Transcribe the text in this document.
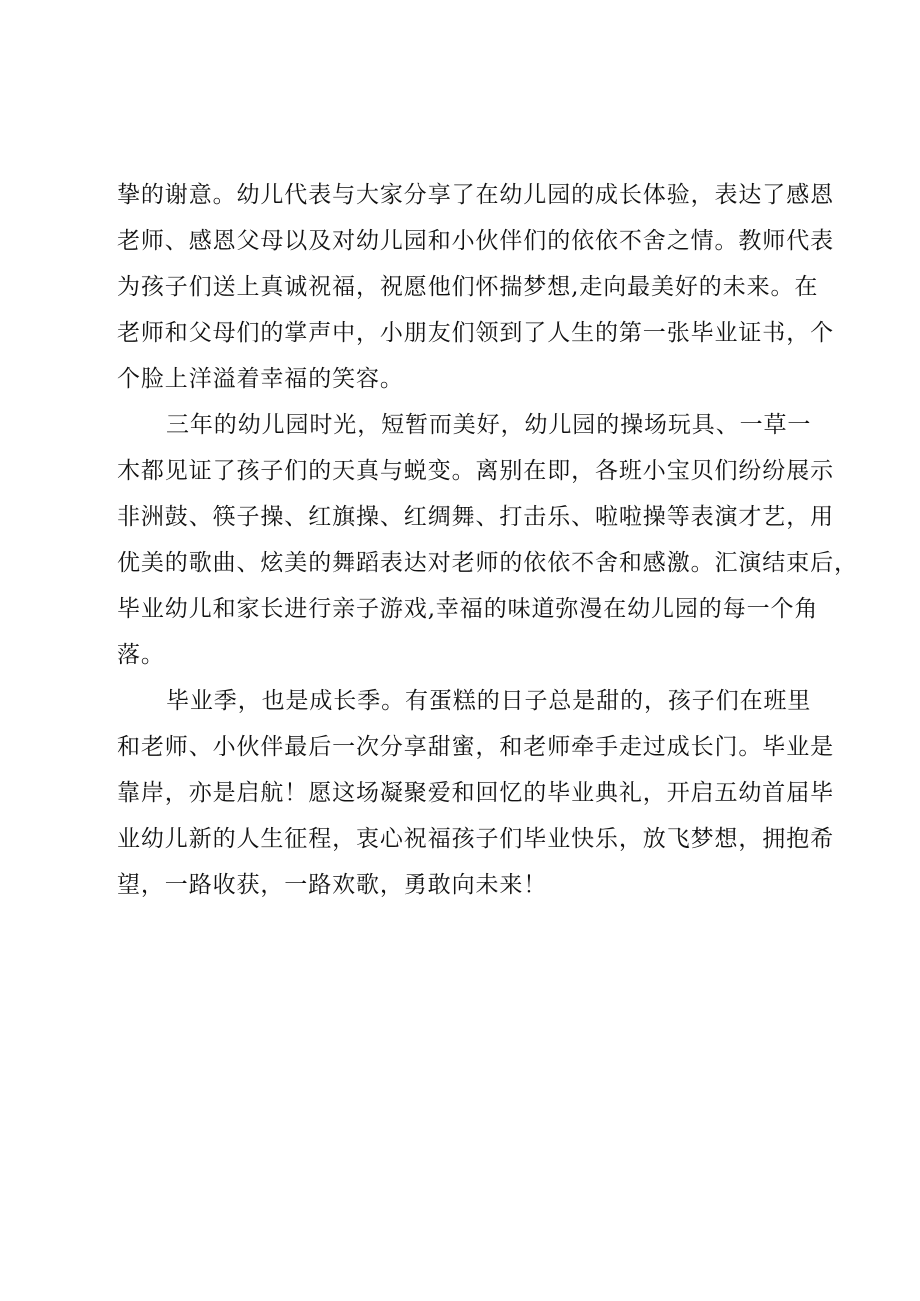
挚的谢意。幼儿代表与大家分享了在幼儿园的成长体验，表达了感恩

老师、感恩父母以及对幼儿园和小伙伴们的依依不舍之情。教师代表

为孩子们送上真诚祝福，祝愿他们怀揣梦想,走向最美好的未来。在

老师和父母们的掌声中，小朋友们领到了人生的第一张毕业证书，个

个脸上洋溢着幸福的笑容。

三年的幼儿园时光，短暂而美好，幼儿园的操场玩具、一草一

木都见证了孩子们的天真与蜕变。离别在即，各班小宝贝们纷纷展示

非洲鼓、筷子操、红旗操、红绸舞、打击乐、啦啦操等表演才艺，用

优美的歌曲、炫美的舞蹈表达对老师的依依不舍和感激。汇演结束后，

毕业幼儿和家长进行亲子游戏,幸福的味道弥漫在幼儿园的每一个角

落。

毕业季，也是成长季。有蛋糕的日子总是甜的，孩子们在班里

和老师、小伙伴最后一次分享甜蜜，和老师牵手走过成长门。毕业是

靠岸，亦是启航！愿这场凝聚爱和回忆的毕业典礼，开启五幼首届毕

业幼儿新的人生征程，衷心祝福孩子们毕业快乐，放飞梦想，拥抱希

望，一路收获，一路欢歌，勇敢向未来！
